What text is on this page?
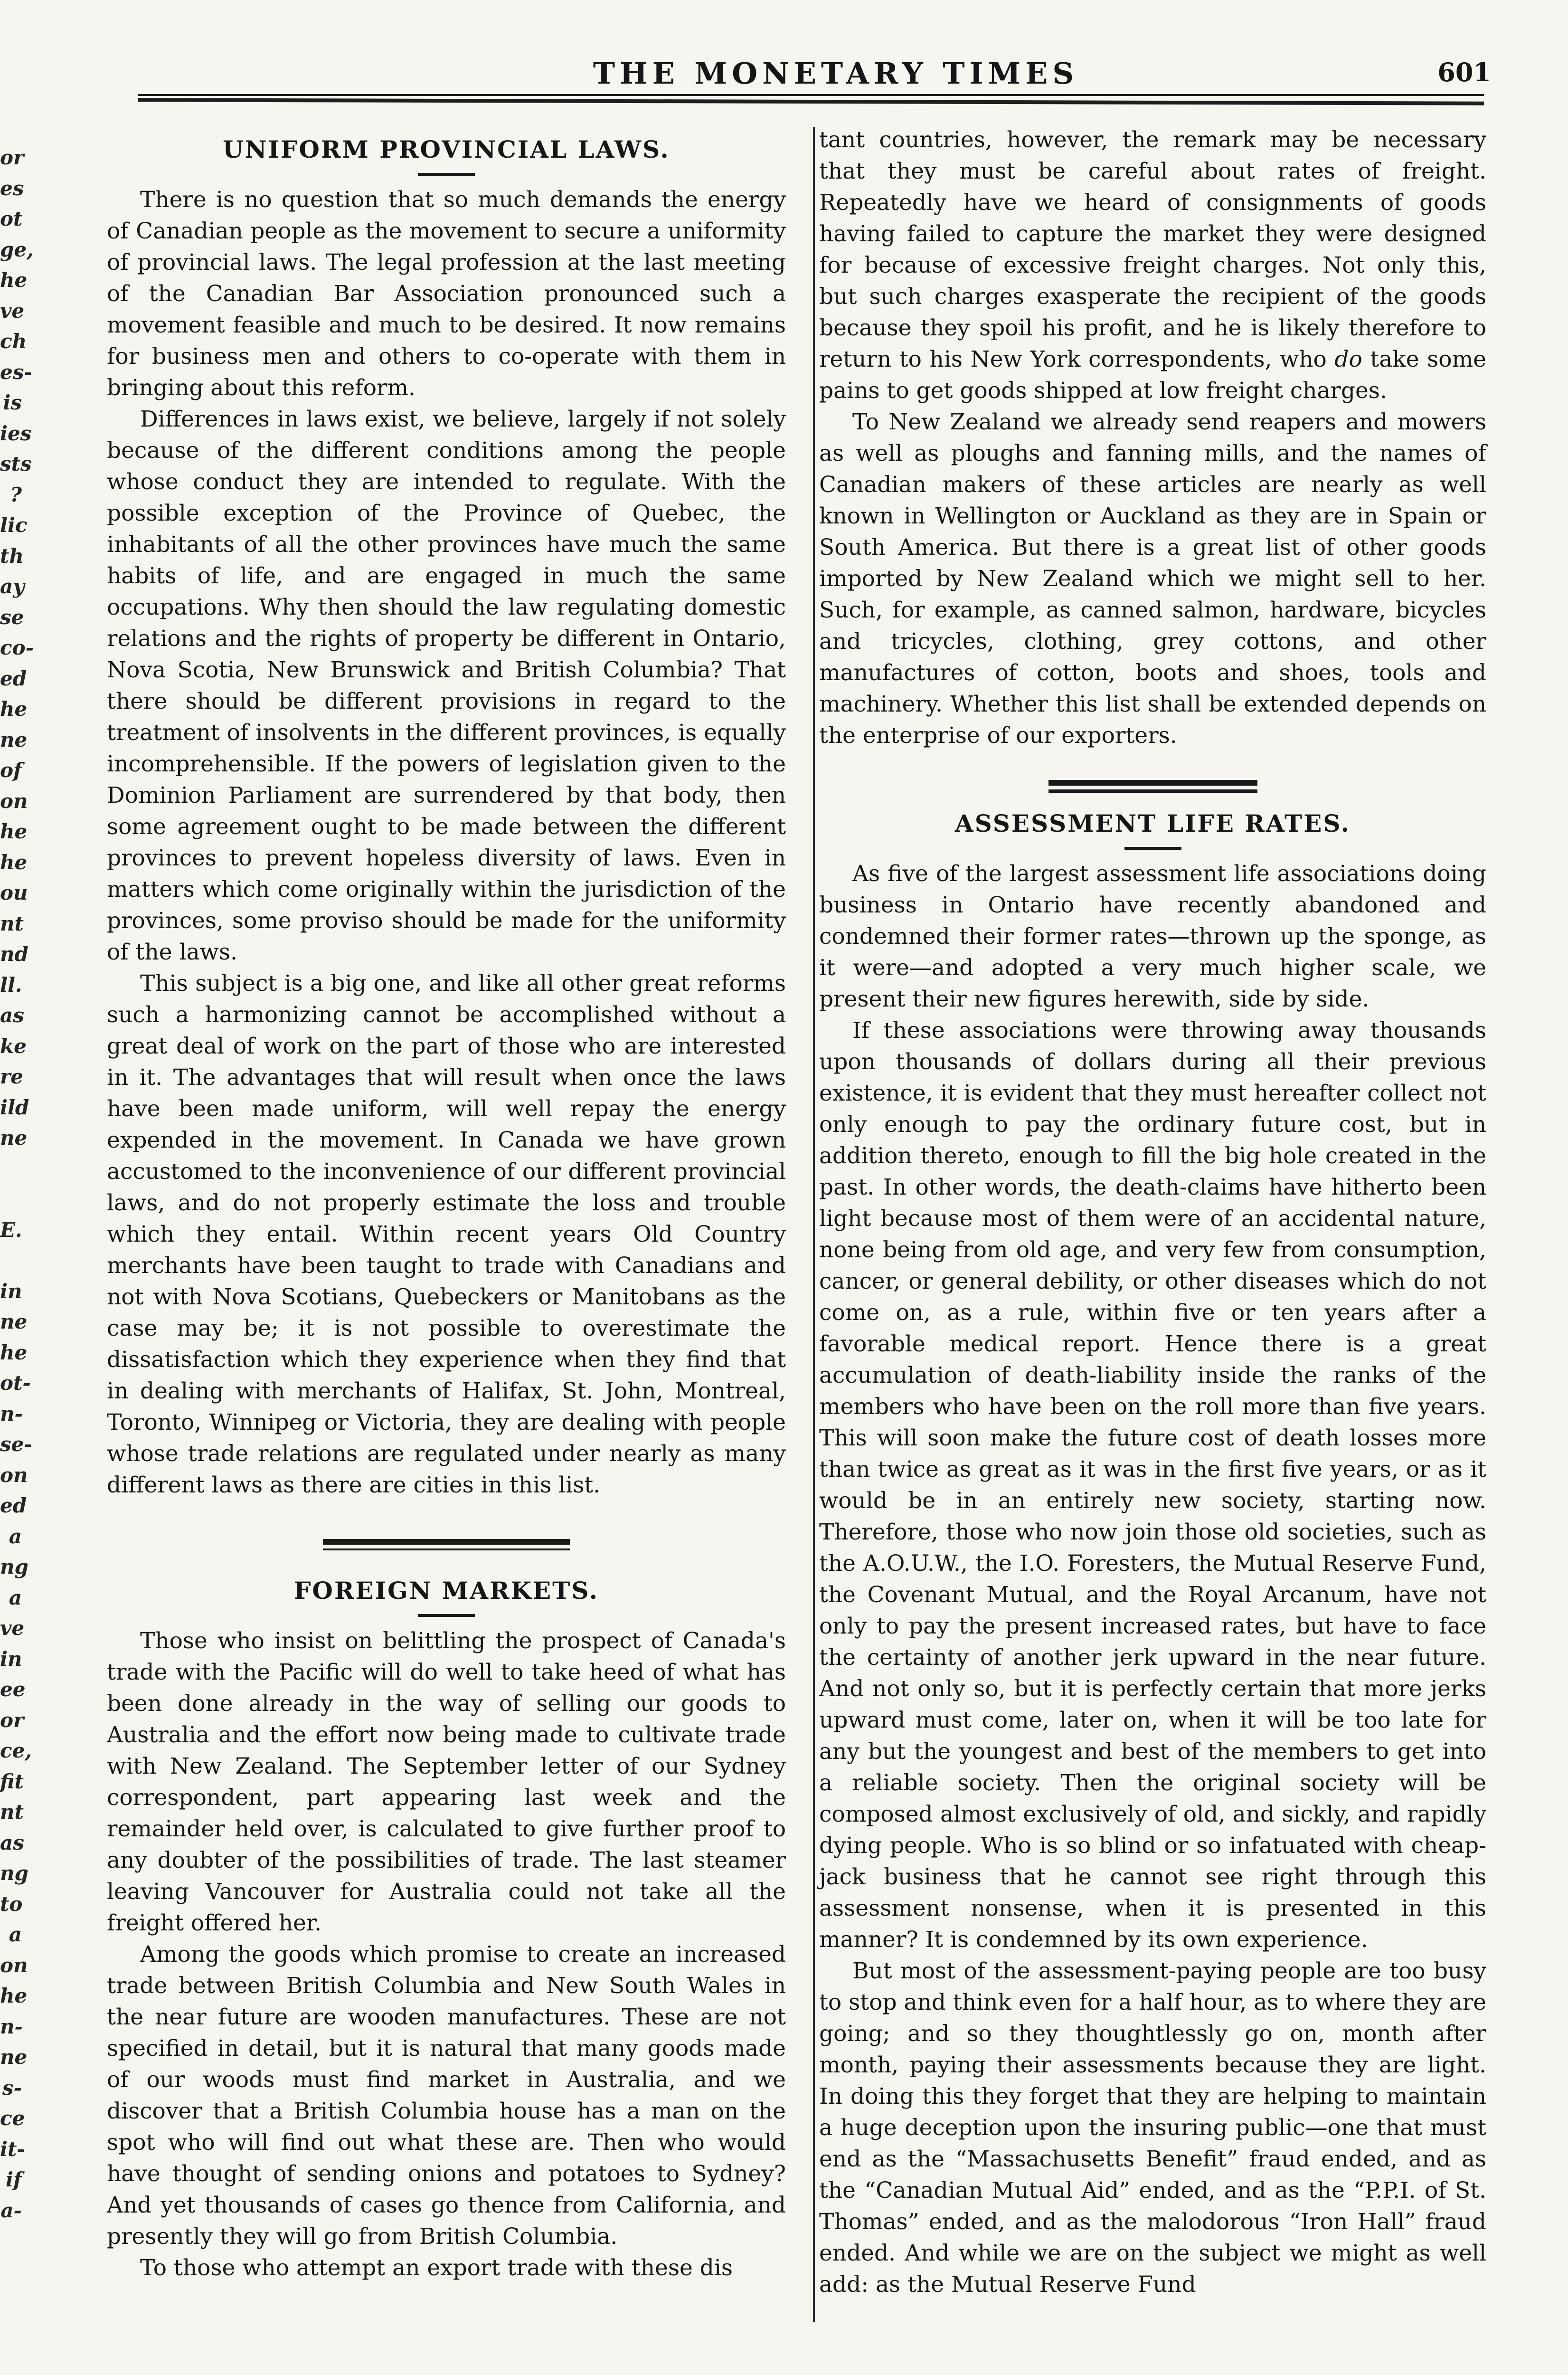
or
es
ot
ge,
he
ve
ch
es-
is
ies
sts
?
lic
th
ay
se
co-
ed
he
ne
of
on
he
he
ou
nt
nd
ll.
as
ke
re
ild
ne
E.
in
ne
he
ot-
n-
se-
on
ed
a
ng
a
ve
in
ee
or
ce,
fit
nt
as
ng
to
a
on
he
n-
ne
s-
ce
it-
if
a-
THE MONETARY TIMES	601
UNIFORM PROVINCIAL LAWS.

There is no question that so much demands the energy of Canadian people as the movement to secure a uniformity of provincial laws. The legal profession at the last meeting of the Canadian Bar Association pronounced such a movement feasible and much to be desired. It now remains for business men and others to co-operate with them in bringing about this reform.

Differences in laws exist, we believe, largely if not solely because of the different conditions among the people whose conduct they are intended to regulate. With the possible exception of the Province of Quebec, the inhabitants of all the other provinces have much the same habits of life, and are engaged in much the same occupations. Why then should the law regulating domestic relations and the rights of property be different in Ontario, Nova Scotia, New Brunswick and British Columbia? That there should be different provisions in regard to the treatment of insolvents in the different provinces, is equally incomprehensible. If the powers of legislation given to the Dominion Parliament are surrendered by that body, then some agreement ought to be made between the different provinces to prevent hopeless diversity of laws. Even in matters which come originally within the jurisdiction of the provinces, some proviso should be made for the uniformity of the laws.

This subject is a big one, and like all other great reforms such a harmonizing cannot be accomplished without a great deal of work on the part of those who are interested in it. The advantages that will result when once the laws have been made uniform, will well repay the energy expended in the movement. In Canada we have grown accustomed to the inconvenience of our different provincial laws, and do not properly estimate the loss and trouble which they entail. Within recent years Old Country merchants have been taught to trade with Canadians and not with Nova Scotians, Quebeckers or Manitobans as the case may be; it is not possible to overestimate the dissatisfaction which they experience when they find that in dealing with merchants of Halifax, St. John, Montreal, Toronto, Winnipeg or Victoria, they are dealing with people whose trade relations are regulated under nearly as many different laws as there are cities in this list.

FOREIGN MARKETS.

Those who insist on belittling the prospect of Canada's trade with the Pacific will do well to take heed of what has been done already in the way of selling our goods to Australia and the effort now being made to cultivate trade with New Zealand. The September letter of our Sydney correspondent, part appearing last week and the remainder held over, is calculated to give further proof to any doubter of the possibilities of trade. The last steamer leaving Vancouver for Australia could not take all the freight offered her.

Among the goods which promise to create an increased trade between British Columbia and New South Wales in the near future are wooden manufactures. These are not specified in detail, but it is natural that many goods made of our woods must find market in Australia, and we discover that a British Columbia house has a man on the spot who will find out what these are. Then who would have thought of sending onions and potatoes to Sydney? And yet thousands of cases go thence from California, and presently they will go from British Columbia.

To those who attempt an export trade with these dis

tant countries, however, the remark may be necessary that they must be careful about rates of freight. Repeatedly have we heard of consignments of goods having failed to capture the market they were designed for because of excessive freight charges. Not only this, but such charges exasperate the recipient of the goods because they spoil his profit, and he is likely therefore to return to his New York correspondents, who do take some pains to get goods shipped at low freight charges.

To New Zealand we already send reapers and mowers as well as ploughs and fanning mills, and the names of Canadian makers of these articles are nearly as well known in Wellington or Auckland as they are in Spain or South America. But there is a great list of other goods imported by New Zealand which we might sell to her. Such, for example, as canned salmon, hardware, bicycles and tricycles, clothing, grey cottons, and other manufactures of cotton, boots and shoes, tools and machinery. Whether this list shall be extended depends on the enterprise of our exporters.

ASSESSMENT LIFE RATES.

As five of the largest assessment life associations doing business in Ontario have recently abandoned and condemned their former rates—thrown up the sponge, as it were—and adopted a very much higher scale, we present their new figures herewith, side by side.

If these associations were throwing away thousands upon thousands of dollars during all their previous existence, it is evident that they must hereafter collect not only enough to pay the ordinary future cost, but in addition thereto, enough to fill the big hole created in the past. In other words, the death-claims have hitherto been light because most of them were of an accidental nature, none being from old age, and very few from consumption, cancer, or general debility, or other diseases which do not come on, as a rule, within five or ten years after a favorable medical report. Hence there is a great accumulation of death-liability inside the ranks of the members who have been on the roll more than five years. This will soon make the future cost of death losses more than twice as great as it was in the first five years, or as it would be in an entirely new society, starting now. Therefore, those who now join those old societies, such as the A.O.U.W., the I.O. Foresters, the Mutual Reserve Fund, the Covenant Mutual, and the Royal Arcanum, have not only to pay the present increased rates, but have to face the certainty of another jerk upward in the near future. And not only so, but it is perfectly certain that more jerks upward must come, later on, when it will be too late for any but the youngest and best of the members to get into a reliable society. Then the original society will be composed almost exclusively of old, and sickly, and rapidly dying people. Who is so blind or so infatuated with cheap-jack business that he cannot see right through this assessment nonsense, when it is presented in this manner? It is condemned by its own experience.

But most of the assessment-paying people are too busy to stop and think even for a half hour, as to where they are going; and so they thoughtlessly go on, month after month, paying their assessments because they are light. In doing this they forget that they are helping to maintain a huge deception upon the insuring public—one that must end as the “Massachusetts Benefit” fraud ended, and as the “Canadian Mutual Aid” ended, and as the “P.P.I. of St. Thomas” ended, and as the malodorous “Iron Hall” fraud ended. And while we are on the subject we might as well add: as the Mutual Reserve Fund
